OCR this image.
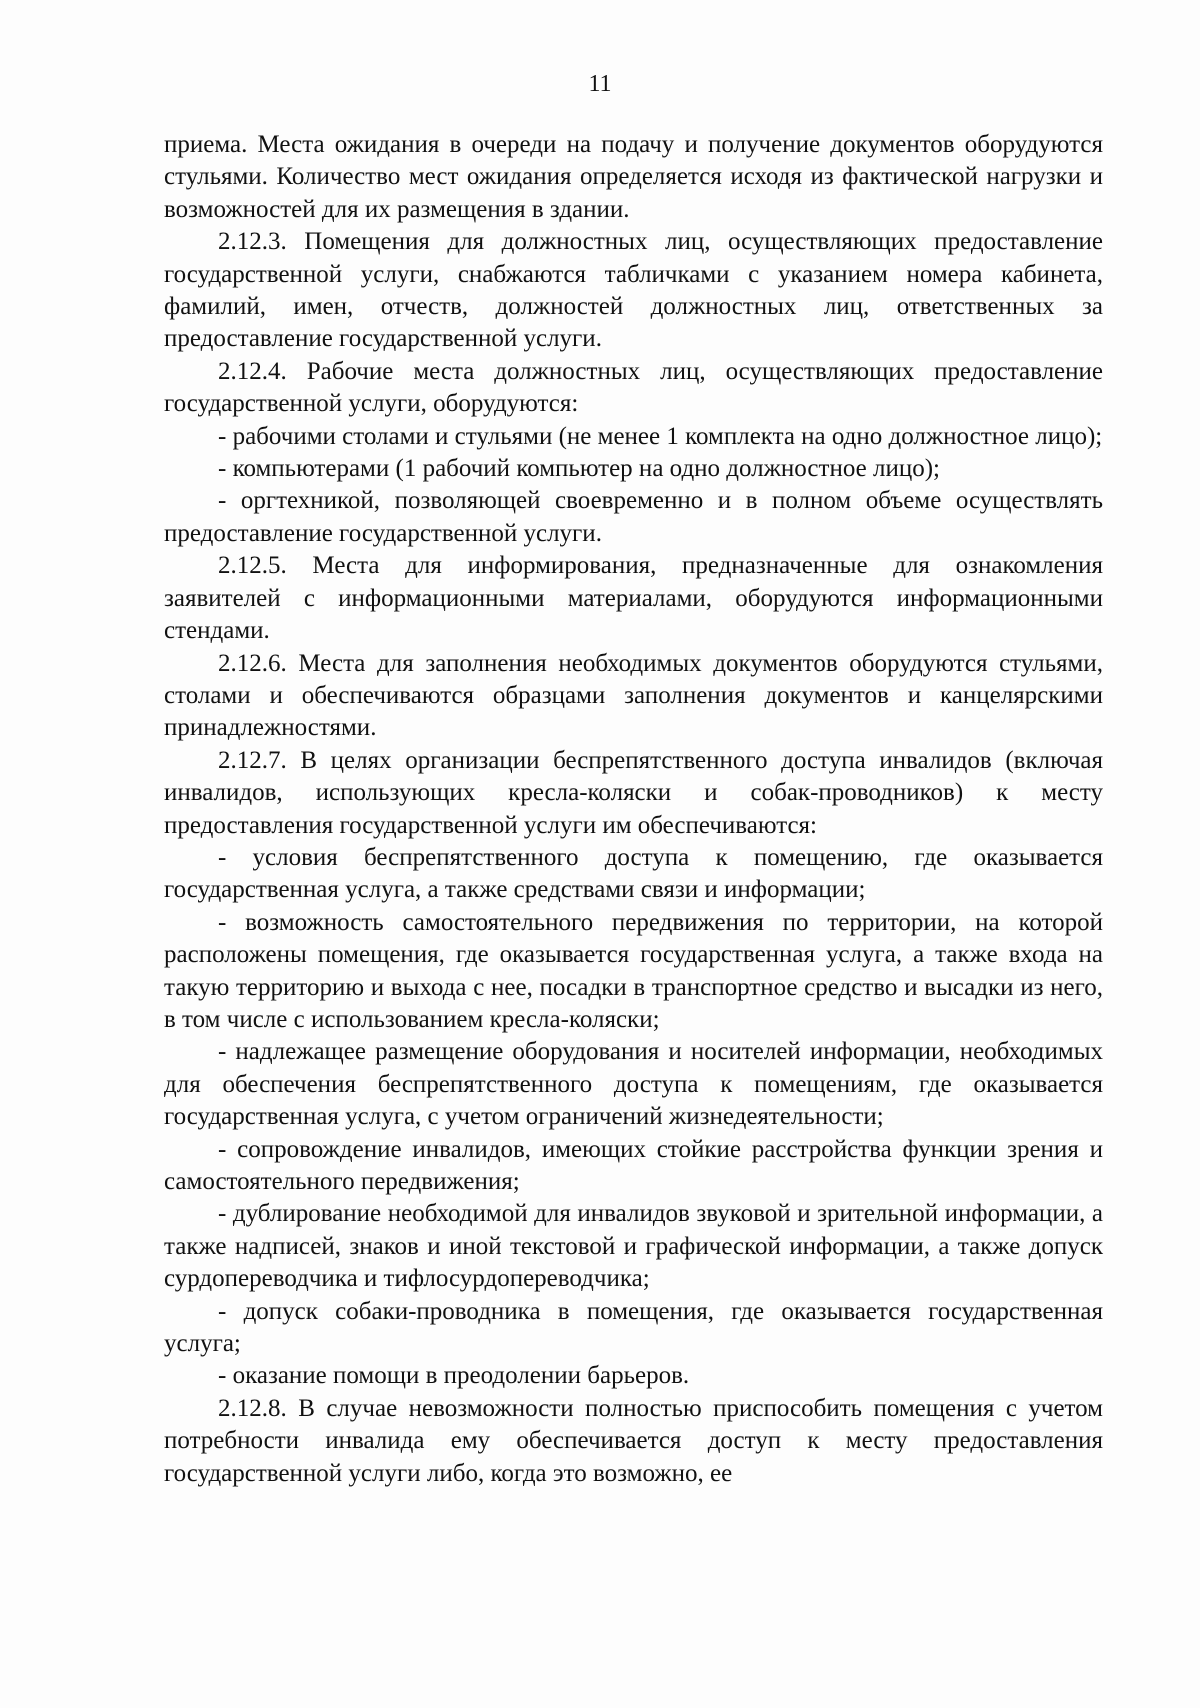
11

приема. Места ожидания в очереди на подачу и получение документов оборудуются стульями. Количество мест ожидания определяется исходя из фактической нагрузки и возможностей для их размещения в здании.

2.12.3. Помещения для должностных лиц, осуществляющих предоставление государственной услуги, снабжаются табличками с указанием номера кабинета, фамилий, имен, отчеств, должностей должностных лиц, ответственных за предоставление государственной услуги.

2.12.4. Рабочие места должностных лиц, осуществляющих предоставление государственной услуги, оборудуются:

- рабочими столами и стульями (не менее 1 комплекта на одно должностное лицо);

- компьютерами (1 рабочий компьютер на одно должностное лицо);

- оргтехникой, позволяющей своевременно и в полном объеме осуществлять предоставление государственной услуги.

2.12.5. Места для информирования, предназначенные для ознакомления заявителей с информационными материалами, оборудуются информационными стендами.

2.12.6. Места для заполнения необходимых документов оборудуются стульями, столами и обеспечиваются образцами заполнения документов и канцелярскими принадлежностями.

2.12.7. В целях организации беспрепятственного доступа инвалидов (включая инвалидов, использующих кресла-коляски и собак-проводников) к месту предоставления государственной услуги им обеспечиваются:

- условия беспрепятственного доступа к помещению, где оказывается государственная услуга, а также средствами связи и информации;

- возможность самостоятельного передвижения по территории, на которой расположены помещения, где оказывается государственная услуга, а также входа на такую территорию и выхода с нее, посадки в транспортное средство и высадки из него, в том числе с использованием кресла-коляски;

- надлежащее размещение оборудования и носителей информации, необходимых для обеспечения беспрепятственного доступа к помещениям, где оказывается государственная услуга, с учетом ограничений жизнедеятельности;

- сопровождение инвалидов, имеющих стойкие расстройства функции зрения и самостоятельного передвижения;

- дублирование необходимой для инвалидов звуковой и зрительной информации, а также надписей, знаков и иной текстовой и графической информации, а также допуск сурдопереводчика и тифлосурдопереводчика;

- допуск собаки-проводника в помещения, где оказывается государственная услуга;

- оказание помощи в преодолении барьеров.

2.12.8. В случае невозможности полностью приспособить помещения с учетом потребности инвалида ему обеспечивается доступ к месту предоставления государственной услуги либо, когда это возможно, ее
